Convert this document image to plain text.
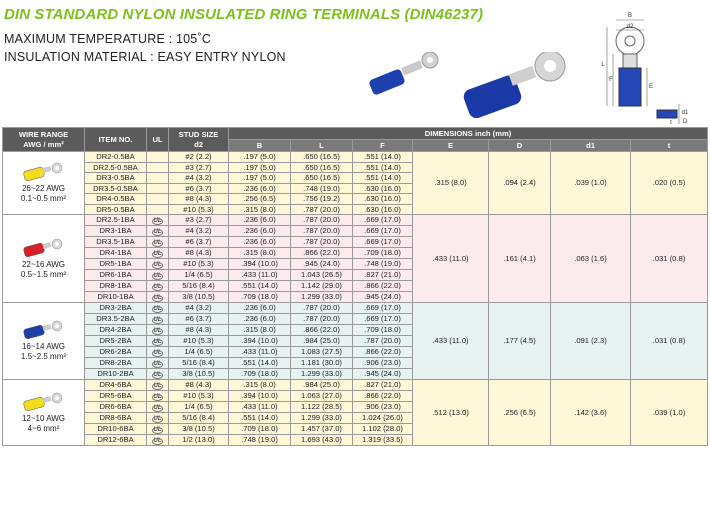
DIN STANDARD NYLON INSULATED RING TERMINALS (DIN46237)
MAXIMUM TEMPERATURE : 105˚C
INSULATION MATERIAL : EASY ENTRY NYLON
B
d2
L
F
E
d1
D
t
WIRE RANGE
AWG / mm²	ITEM NO.	UL	STUD SIZE
d2	DIMENSIONS inch (mm)						
				B	L	F	E	D	d1	t

26~22 AWG
0.1~0.5 mm²	DR2-0.5BA		#2 (2.2)	.197 (5.0)	.650 (16.5)	.551 (14.0)	.315 (8.0)	.094 (2.4)	.039 (1.0)	.020 (0.5)
	DR2.5-0.5BA		#3 (2.7)	.197 (5.0)	.650 (16.5)	.551 (14.0)				
	DR3-0.5BA		#4 (3.2)	.197 (5.0)	.650 (16.5)	.551 (14.0)				
	DR3.5-0.5BA		#6 (3.7)	.236 (6.0)	.748 (19.0)	.630 (16.0)				
	DR4-0.5BA		#8 (4.3)	.256 (6.5)	.756 (19.2)	.630 (16.0)				
	DR5-0.5BA		#10 (5.3)	.315 (8.0)	.787 (20.0)	.630 (16.0)				

22~16 AWG
0.5~1.5 mm²	DR2.5-1BA	UL	#3 (2.7)	.236 (6.0)	.787 (20.0)	.669 (17.0)	.433 (11.0)	.161 (4.1)	.063 (1.6)	.031 (0.8)
	DR3-1BA	UL	#4 (3.2)	.236 (6.0)	.787 (20.0)	.669 (17.0)				
	DR3.5-1BA	UL	#6 (3.7)	.236 (6.0)	.787 (20.0)	.669 (17.0)				
	DR4-1BA	UL	#8 (4.3)	.315 (8.0)	.866 (22.0)	.709 (18.0)				
	DR5-1BA	UL	#10 (5.3)	.394 (10.0)	.945 (24.0)	.748 (19.0)				
	DR6-1BA	UL	1/4 (6.5)	.433 (11.0)	1.043 (26.5)	.827 (21.0)				
	DR8-1BA	UL	5/16 (8.4)	.551 (14.0)	1.142 (29.0)	.866 (22.0)				
	DR10-1BA	UL	3/8 (10.5)	.709 (18.0)	1.299 (33.0)	.945 (24.0)				

16~14 AWG
1.5~2.5 mm²	DR3-2BA	UL	#4 (3.2)	.236 (6.0)	.787 (20.0)	.669 (17.0)	.433 (11.0)	.177 (4.5)	.091 (2.3)	.031 (0.8)
	DR3.5-2BA	UL	#6 (3.7)	.236 (6.0)	.787 (20.0)	.669 (17.0)				
	DR4-2BA	UL	#8 (4.3)	.315 (8.0)	.866 (22.0)	.709 (18.0)				
	DR5-2BA	UL	#10 (5.3)	.394 (10.0)	.984 (25.0)	.787 (20.0)				
	DR6-2BA	UL	1/4 (6.5)	.433 (11.0)	1.083 (27.5)	.866 (22.0)				
	DR8-2BA	UL	5/16 (8.4)	.551 (14.0)	1.181 (30.0)	.906 (23.0)				
	DR10-2BA	UL	3/8 (10.5)	.709 (18.0)	1.299 (33.0)	.945 (24.0)				

12~10 AWG
4~6 mm²	DR4-6BA	UL	#8 (4.3)	.315 (8.0)	.984 (25.0)	.827 (21.0)	.512 (13.0)	.256 (6.5)	.142 (3.6)	.039 (1.0)
	DR5-6BA	UL	#10 (5.3)	.394 (10.0)	1.063 (27.0)	.866 (22.0)				
	DR6-6BA	UL	1/4 (6.5)	.433 (11.0)	1.122 (28.5)	.906 (23.0)				
	DR8-6BA	UL	5/16 (8.4)	.551 (14.0)	1.299 (33.0)	1.024 (26.0)				
	DR10-6BA	UL	3/8 (10.5)	.709 (18.0)	1.457 (37.0)	1.102 (28.0)				
	DR12-6BA	UL	1/2 (13.0)	.748 (19.0)	1.693 (43.0)	1.319 (33.5)				
